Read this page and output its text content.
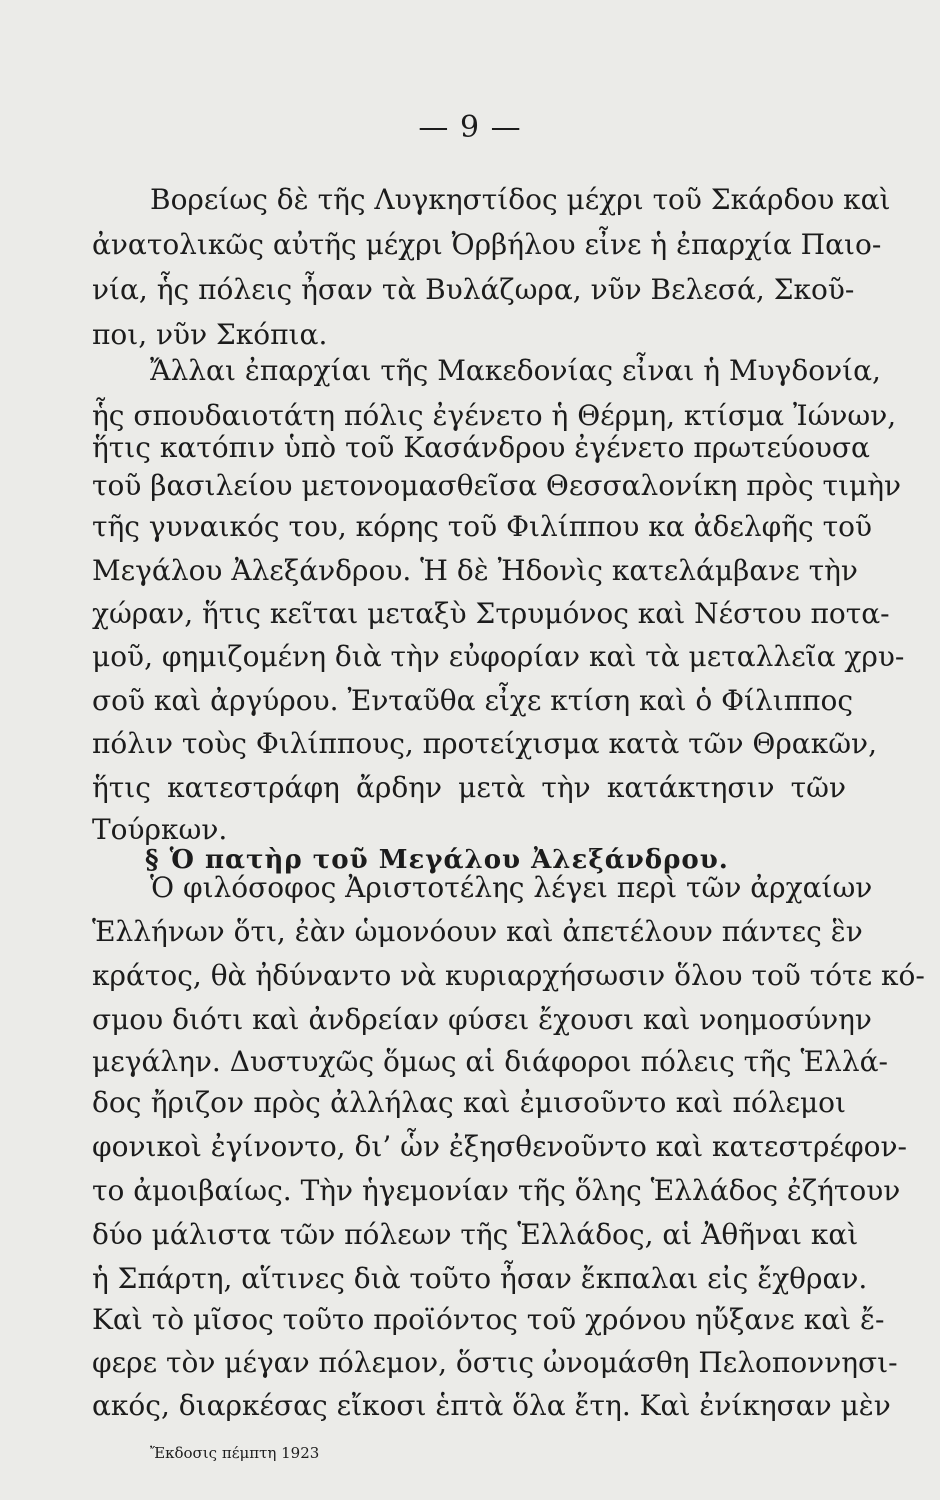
— 9 —
Βορείως δὲ τῆς Λυγκηστίδος μέχρι τοῦ Σκάρδου καὶ
ἀνατολικῶς αὐτῆς μέχρι Ὀρβήλου εἶνε ἡ ἐπαρχία Παιο-
νία, ἧς πόλεις ἦσαν τὰ Βυλάζωρα, νῦν Βελεσά, Σκοῦ-
ποι, νῦν Σκόπια.
Ἄλλαι ἐπαρχίαι τῆς Μακεδονίας εἶναι ἡ Μυγδονία,
ἧς σπουδαιοτάτη πόλις ἐγένετο ἡ Θέρμη, κτίσμα Ἰώνων,
ἥτις κατόπιν ὑπὸ τοῦ Κασάνδρου ἐγένετο πρωτεύουσα
τοῦ βασιλείου μετονομασθεῖσα Θεσσαλονίκη πρὸς τιμὴν
τῆς γυναικός του, κόρης τοῦ Φιλίππου κα ἀδελφῆς τοῦ
Μεγάλου Ἀλεξάνδρου. Ἡ δὲ Ἠδονὶς κατελάμβανε τὴν
χώραν, ἥτις κεῖται μεταξὺ Στρυμόνος καὶ Νέστου ποτα-
μοῦ, φημιζομένη διὰ τὴν εὐφορίαν καὶ τὰ μεταλλεῖα χρυ-
σοῦ καὶ ἀργύρου. Ἐνταῦθα εἶχε κτίση καὶ ὁ Φίλιππος
πόλιν τοὺς Φιλίππους, προτείχισμα κατὰ τῶν Θρακῶν,
ἥτις κατεστράφη ἄρδην μετὰ τὴν κατάκτησιν τῶν
Τούρκων.
§ Ὁ πατὴρ τοῦ Μεγάλου Ἀλεξάνδρου.
Ὁ φιλόσοφος Ἀριστοτέλης λέγει περὶ τῶν ἀρχαίων
Ἑλλήνων ὅτι, ἐὰν ὡμονόουν καὶ ἀπετέλουν πάντες ἓν
κράτος, θὰ ἠδύναντο νὰ κυριαρχήσωσιν ὅλου τοῦ τότε κό-
σμου διότι καὶ ἀνδρείαν φύσει ἔχουσι καὶ νοημοσύνην
μεγάλην. Δυστυχῶς ὅμως αἱ διάφοροι πόλεις τῆς Ἑλλά-
δος ἤριζον πρὸς ἀλλήλας καὶ ἐμισοῦντο καὶ πόλεμοι
φονικοὶ ἐγίνοντο, δι’ ὧν ἐξησθενοῦντο καὶ κατεστρέφον-
το ἀμοιβαίως. Τὴν ἡγεμονίαν τῆς ὅλης Ἑλλάδος ἐζήτουν
δύο μάλιστα τῶν πόλεων τῆς Ἑλλάδος, αἱ Ἀθῆναι καὶ
ἡ Σπάρτη, αἵτινες διὰ τοῦτο ἦσαν ἔκπαλαι εἰς ἔχθραν.
Καὶ τὸ μῖσος τοῦτο προϊόντος τοῦ χρόνου ηὔξανε καὶ ἔ-
φερε τὸν μέγαν πόλεμον, ὅστις ὠνομάσθη Πελοποννησι-
Ἔκδοσις πέμπτη 1923
ακός, διαρκέσας εἴκοσι ἑπτὰ ὅλα ἔτη. Καὶ ἐνίκησαν μὲν
